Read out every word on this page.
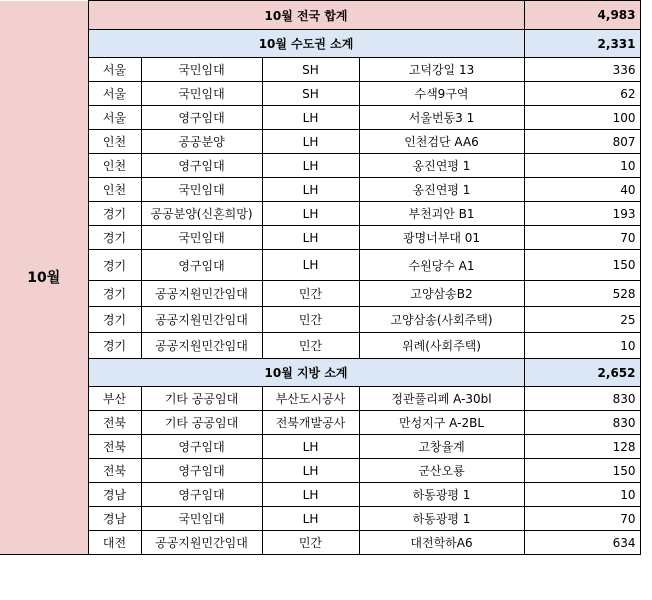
10월	10월 전국 합계				4,983
	10월 수도권 소계				2,331
	서울	국민임대	SH	고덕강일 13	336
	서울	국민임대	SH	수색9구역	62
	서울	영구임대	LH	서울번동3 1	100
	인천	공공분양	LH	인천검단 AA6	807
	인천	영구임대	LH	옹진연평 1	10
	인천	국민임대	LH	옹진연평 1	40
	경기	공공분양(신혼희망)	LH	부천괴안 B1	193
	경기	국민임대	LH	광명너부대 01	70
	경기	영구임대	LH	수원당수 A1	150
	경기	공공지원민간임대	민간	고양삼송B2	528
	경기	공공지원민간임대	민간	고양삼송(사회주택)	25
	경기	공공지원민간임대	민간	위례(사회주택)	10
	10월 지방 소계				2,652
	부산	기타 공공임대	부산도시공사	정관풀리페 A-30bl	830
	전북	기타 공공임대	전북개발공사	만성지구 A-2BL	830
	전북	영구임대	LH	고창율계	128
	전북	영구임대	LH	군산오룡	150
	경남	영구임대	LH	하동광평 1	10
	경남	국민임대	LH	하동광평 1	70
	대전	공공지원민간임대	민간	대전학하A6	634
